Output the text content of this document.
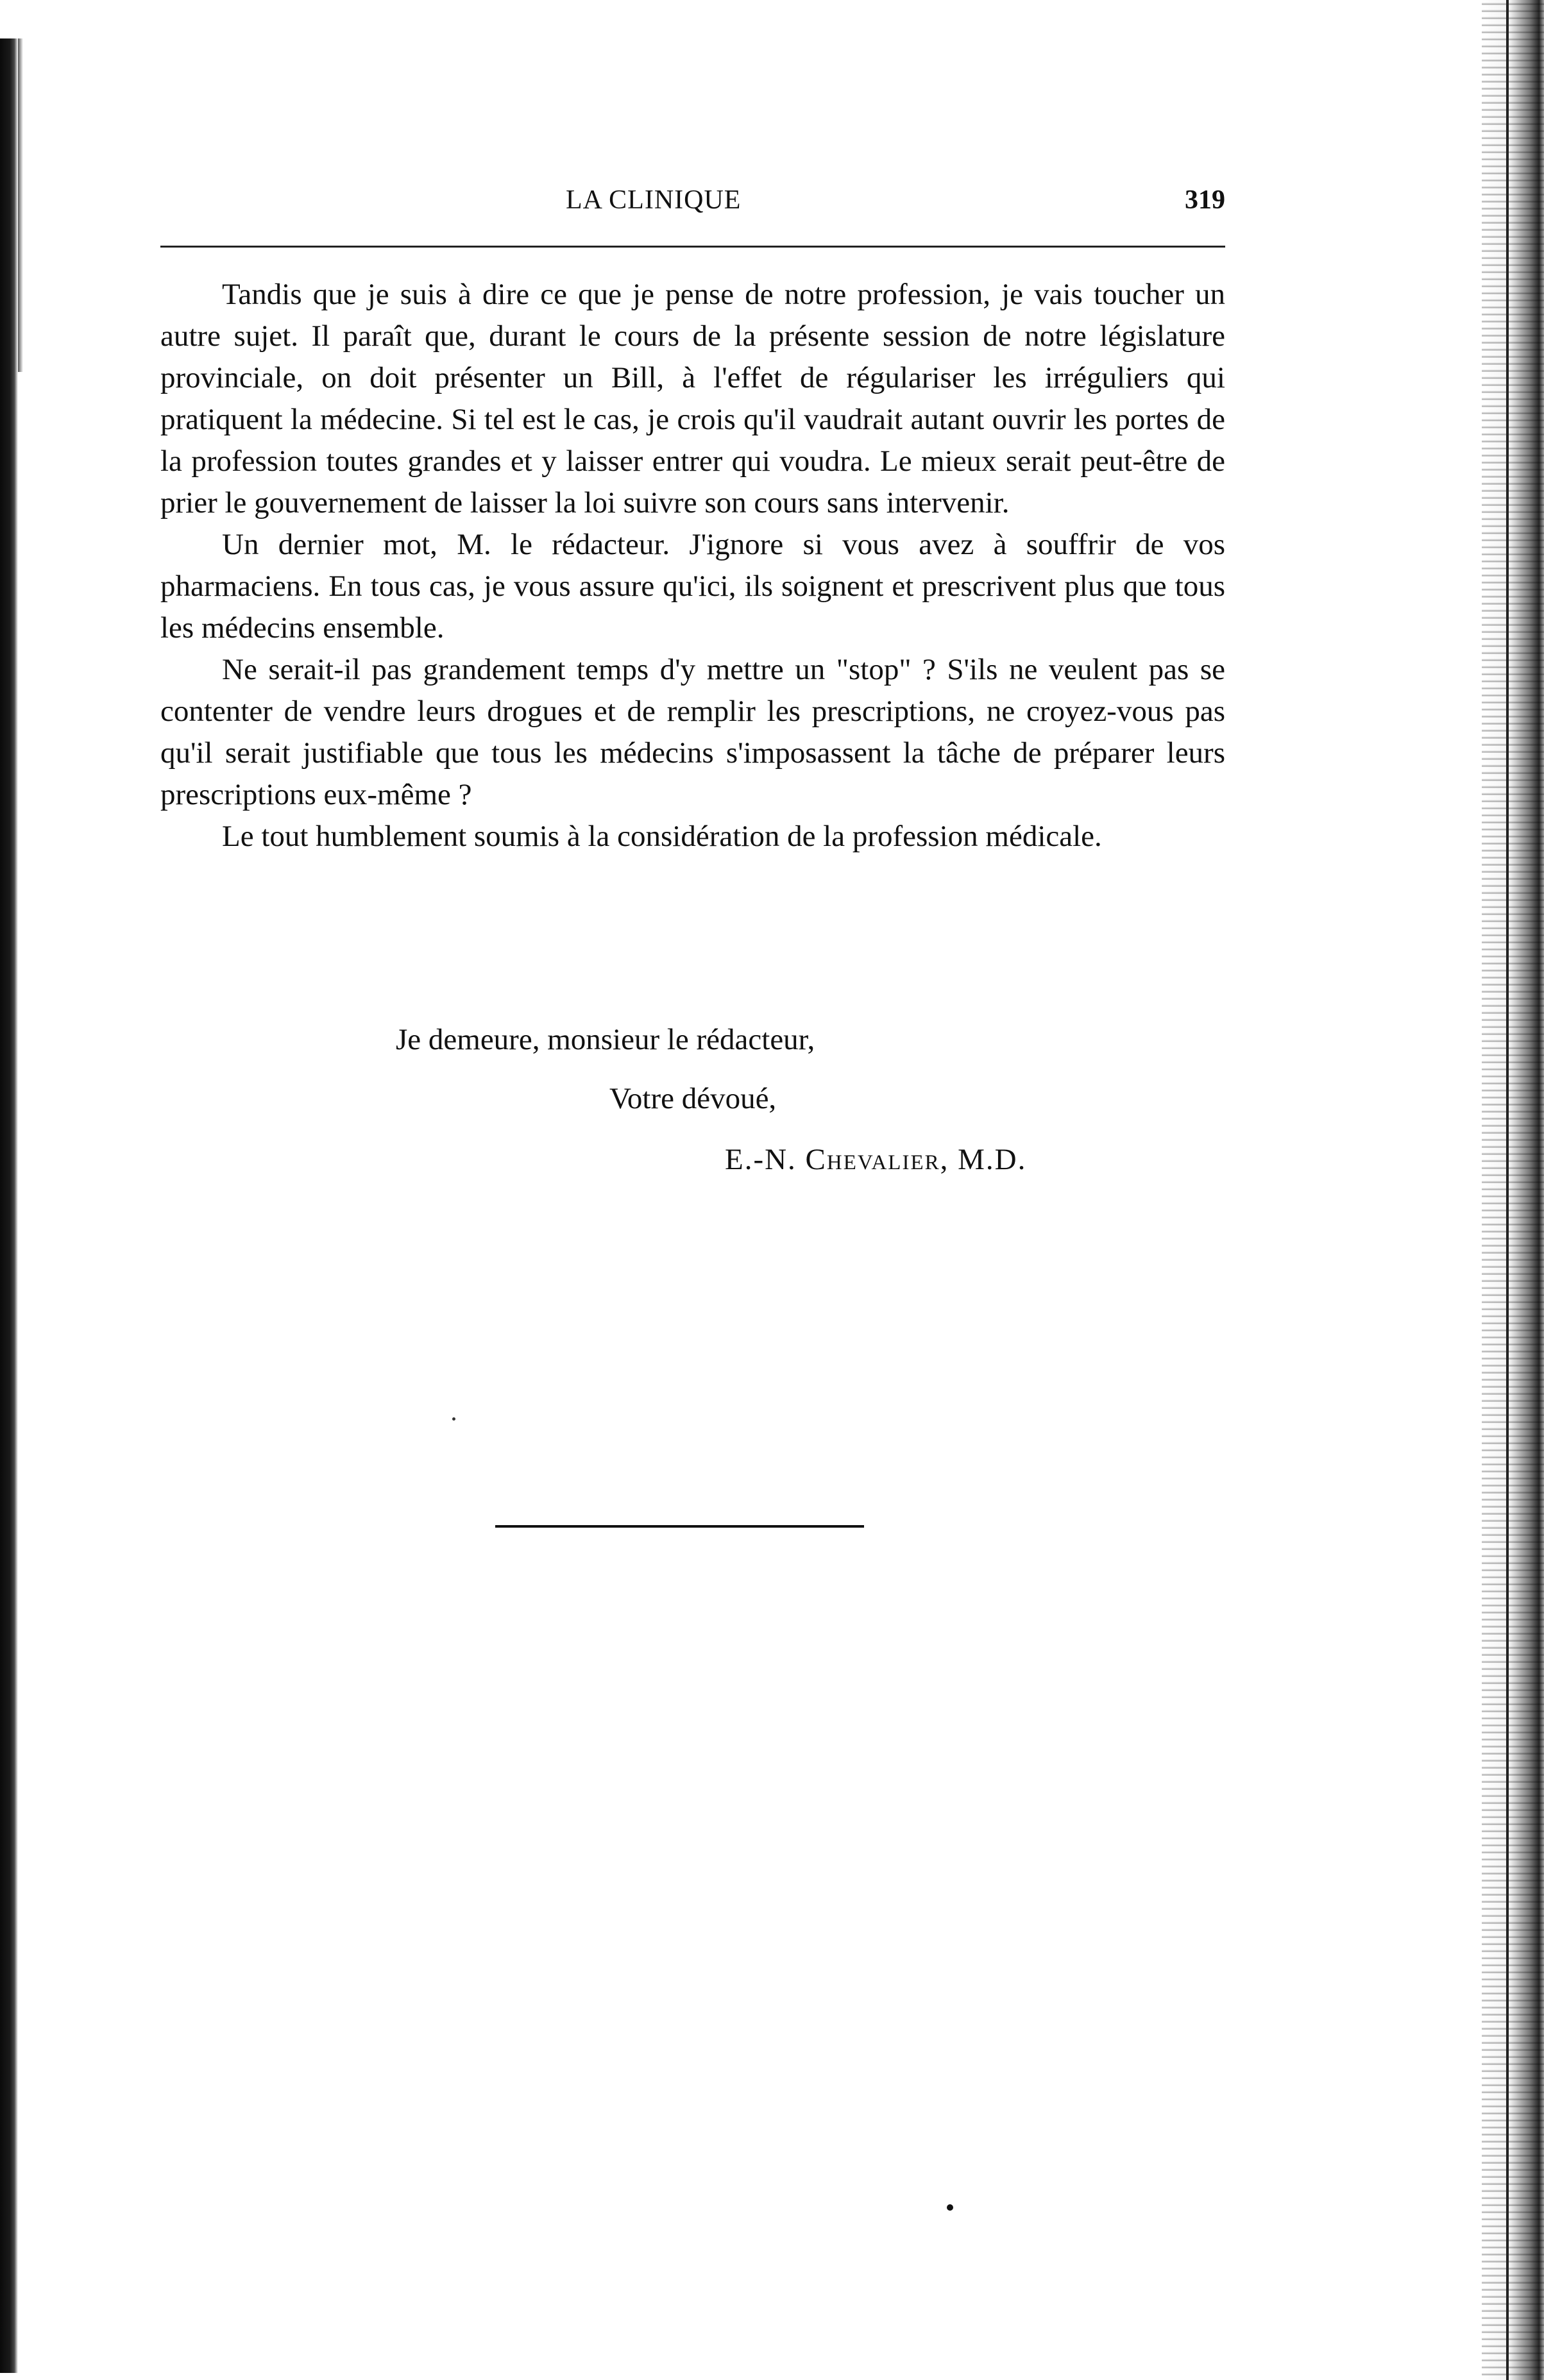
LA CLINIQUE	319

Tandis que je suis à dire ce que je pense de notre profession, je vais toucher un autre sujet. Il paraît que, durant le cours de la présente session de notre législature provinciale, on doit présenter un Bill, à l'effet de régulariser les irréguliers qui pratiquent la médecine. Si tel est le cas, je crois qu'il vaudrait autant ouvrir les portes de la profession toutes grandes et y laisser entrer qui voudra. Le mieux serait peut-être de prier le gouvernement de laisser la loi suivre son cours sans intervenir.

Un dernier mot, M. le rédacteur. J'ignore si vous avez à souffrir de vos pharmaciens. En tous cas, je vous assure qu'ici, ils soignent et prescrivent plus que tous les médecins ensemble.

Ne serait-il pas grandement temps d'y mettre un "stop" ? S'ils ne veulent pas se contenter de vendre leurs drogues et de remplir les prescriptions, ne croyez-vous pas qu'il serait justifiable que tous les médecins s'imposassent la tâche de préparer leurs prescriptions eux-même ?

Le tout humblement soumis à la considération de la profession médicale.

Je demeure, monsieur le rédacteur,
Votre dévoué,
E.-N. Chevalier, M.D.
